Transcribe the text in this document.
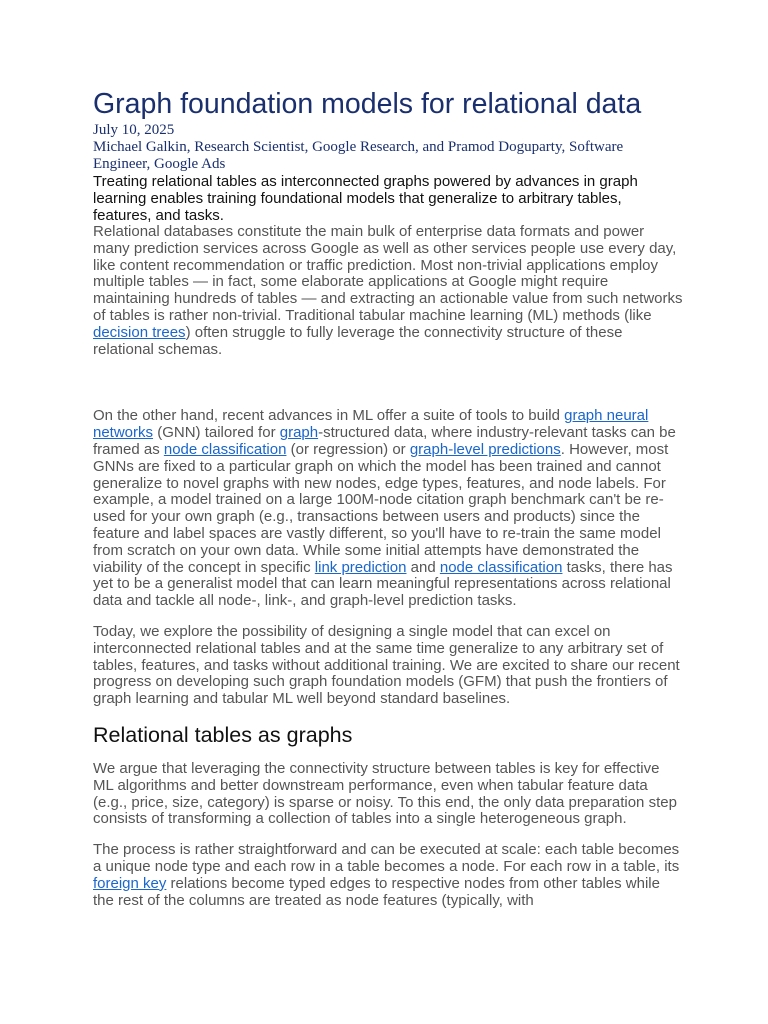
Graph foundation models for relational data

July 10, 2025

Michael Galkin, Research Scientist, Google Research, and Pramod Doguparty, Software Engineer, Google Ads

Treating relational tables as interconnected graphs powered by advances in graph learning enables training foundational models that generalize to arbitrary tables, features, and tasks.

Relational databases constitute the main bulk of enterprise data formats and power many prediction services across Google as well as other services people use every day, like content recommendation or traffic prediction. Most non-trivial applications employ multiple tables — in fact, some elaborate applications at Google might require maintaining hundreds of tables — and extracting an actionable value from such networks of tables is rather non-trivial. Traditional tabular machine learning (ML) methods (like decision trees) often struggle to fully leverage the connectivity structure of these relational schemas.

On the other hand, recent advances in ML offer a suite of tools to build graph neural networks (GNN) tailored for graph-structured data, where industry-relevant tasks can be framed as node classification (or regression) or graph-level predictions. However, most GNNs are fixed to a particular graph on which the model has been trained and cannot generalize to novel graphs with new nodes, edge types, features, and node labels. For example, a model trained on a large 100M-node citation graph benchmark can't be re-used for your own graph (e.g., transactions between users and products) since the feature and label spaces are vastly different, so you'll have to re-train the same model from scratch on your own data. While some initial attempts have demonstrated the viability of the concept in specific link prediction and node classification tasks, there has yet to be a generalist model that can learn meaningful representations across relational data and tackle all node-, link-, and graph-level prediction tasks.

Today, we explore the possibility of designing a single model that can excel on interconnected relational tables and at the same time generalize to any arbitrary set of tables, features, and tasks without additional training. We are excited to share our recent progress on developing such graph foundation models (GFM) that push the frontiers of graph learning and tabular ML well beyond standard baselines.

Relational tables as graphs

We argue that leveraging the connectivity structure between tables is key for effective ML algorithms and better downstream performance, even when tabular feature data (e.g., price, size, category) is sparse or noisy. To this end, the only data preparation step consists of transforming a collection of tables into a single heterogeneous graph.

The process is rather straightforward and can be executed at scale: each table becomes a unique node type and each row in a table becomes a node. For each row in a table, its foreign key relations become typed edges to respective nodes from other tables while the rest of the columns are treated as node features (typically, with
